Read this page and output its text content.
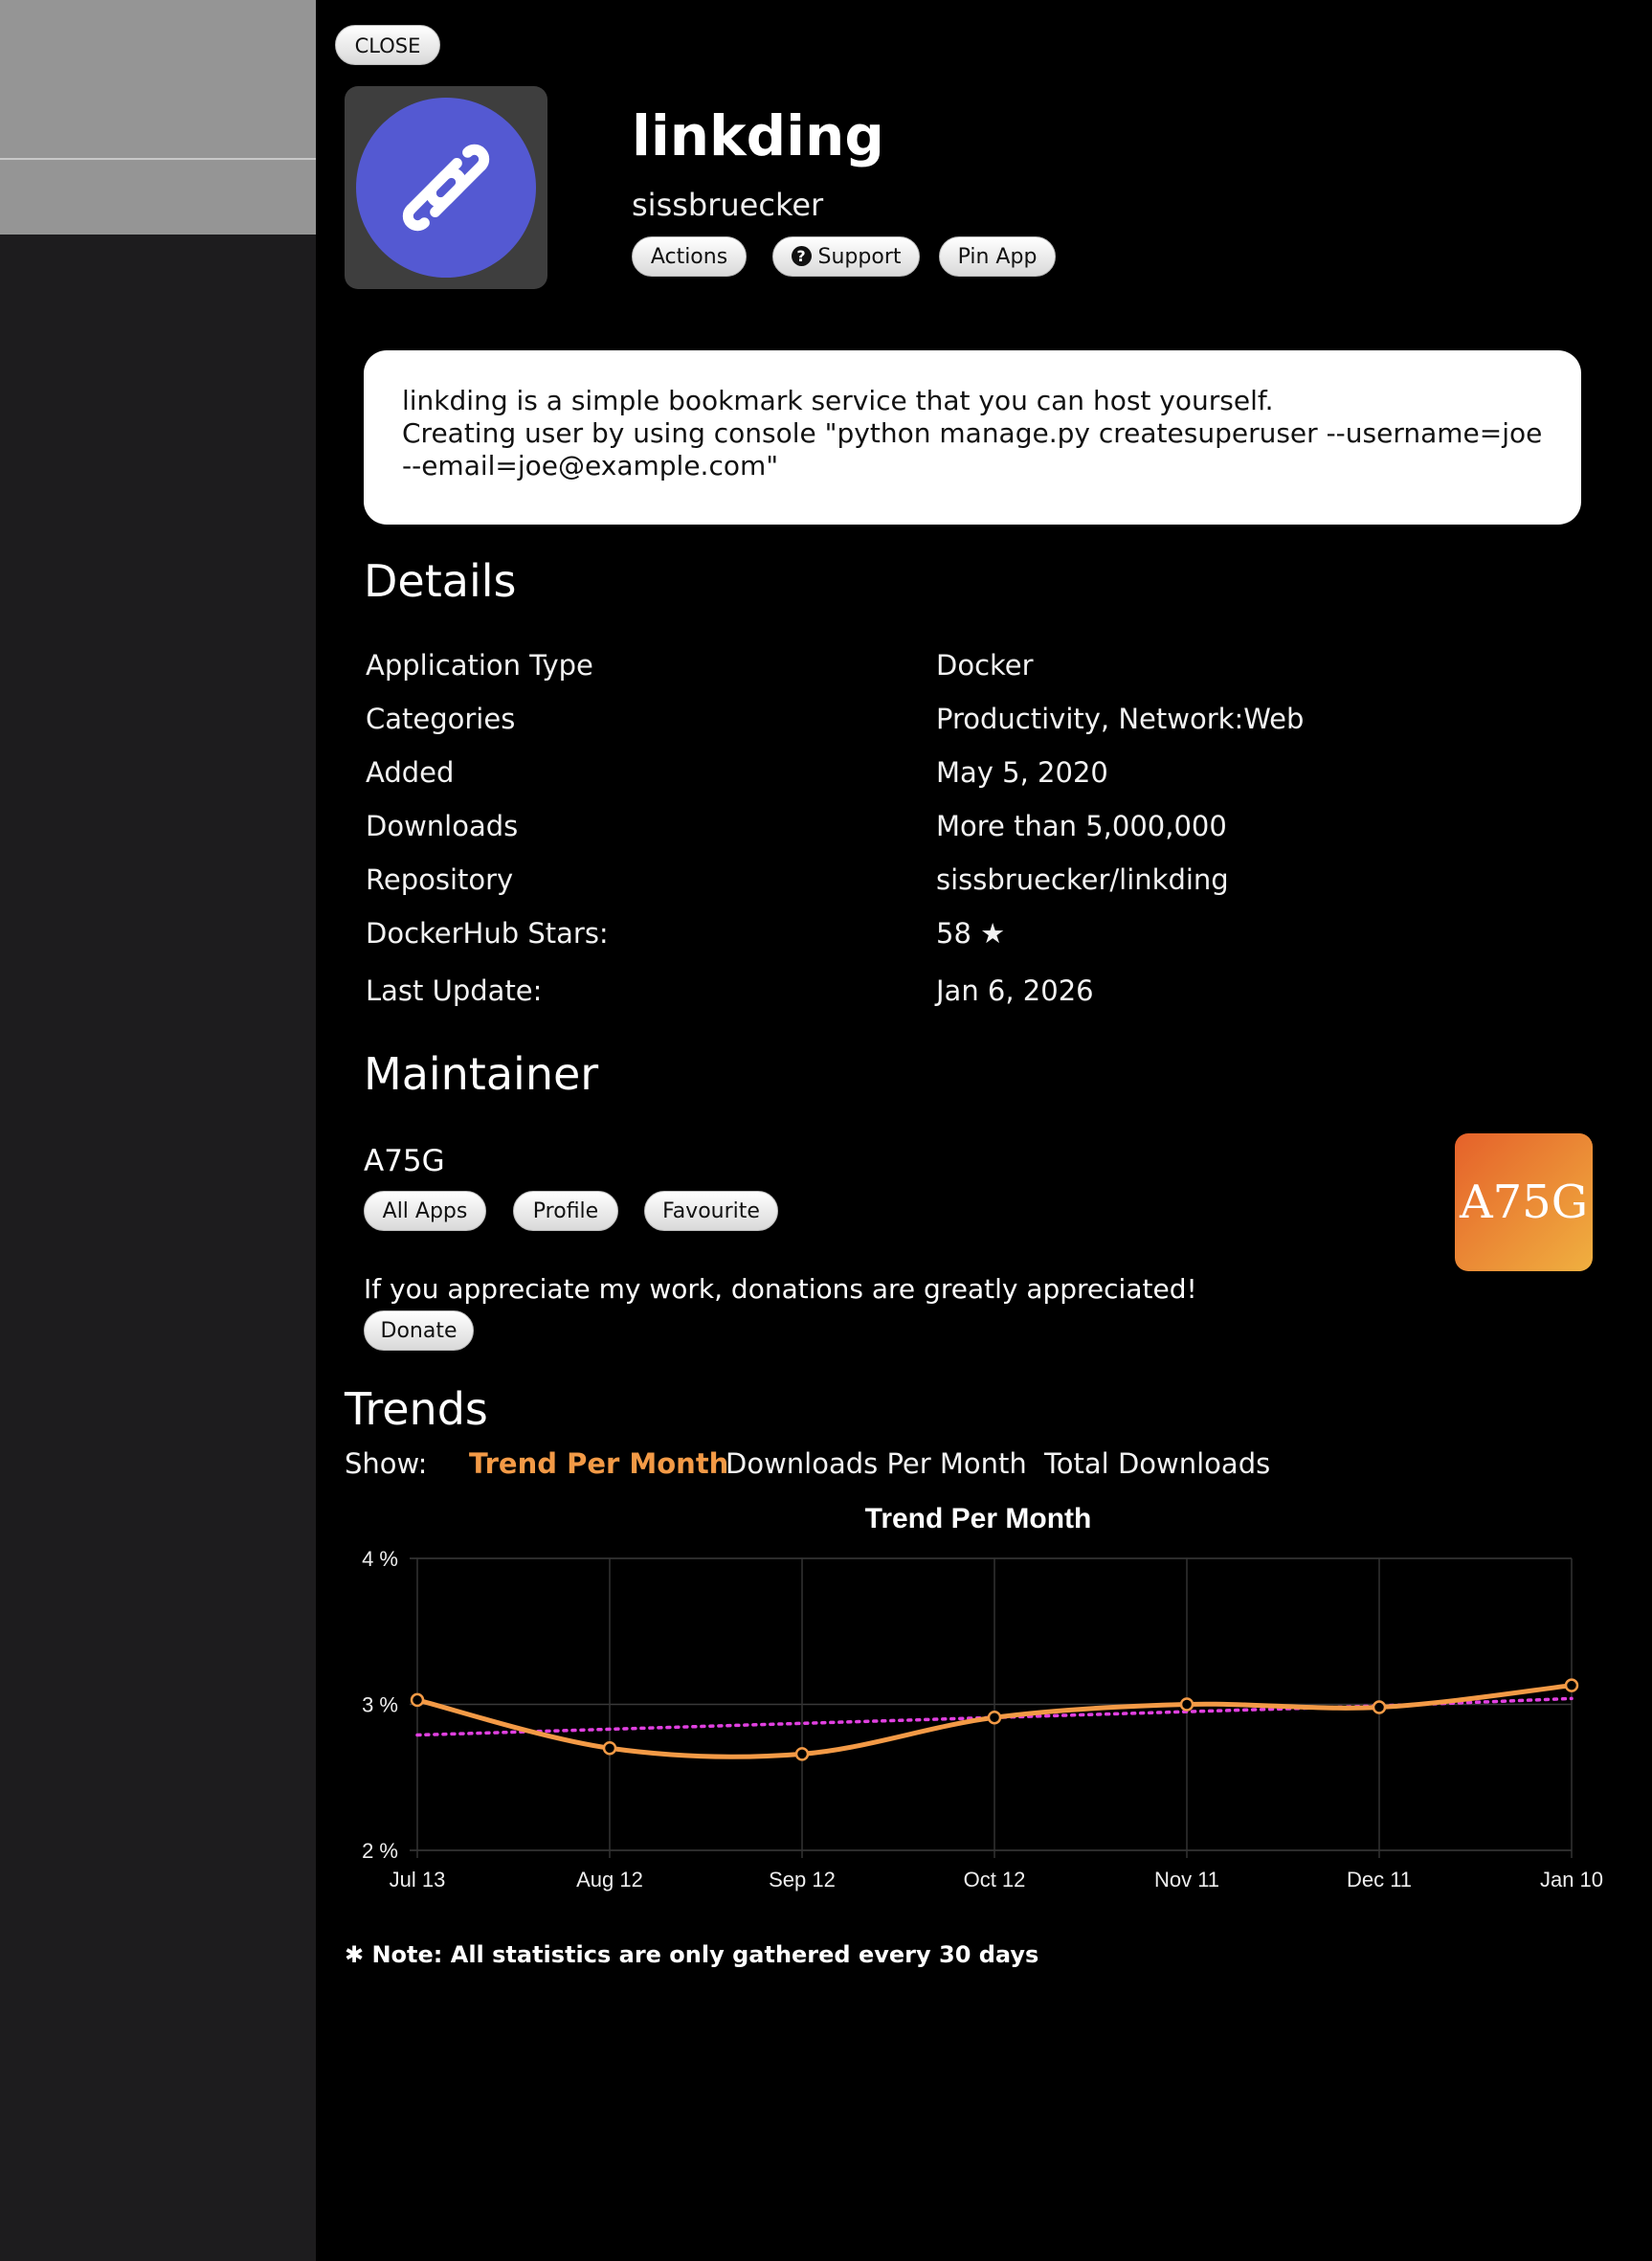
CLOSE
linkding
sissbruecker
Actions	? Support	Pin App
linkding is a simple bookmark service that you can host yourself.
Creating user by using console "python manage.py createsuperuser --username=joe --email=joe@example.com"
Details
Application Type	Docker
Categories	Productivity, Network:Web
Added	May 5, 2020
Downloads	More than 5,000,000
Repository	sissbruecker/linkding
DockerHub Stars:	58 ★
Last Update:	Jan 6, 2026
Maintainer
A75G
All Apps	Profile	Favourite	A75G
If you appreciate my work, donations are greatly appreciated!
Donate
Trends
Show: Trend Per Month
Downloads Per Month Total Downloads
Trend Per Month
4 %
3 %
2 %
Jul 13	Aug 12	Sep 12	Oct 12	Nov 11	Dec 11	Jan 10
✱ Note: All statistics are only gathered every 30 days
